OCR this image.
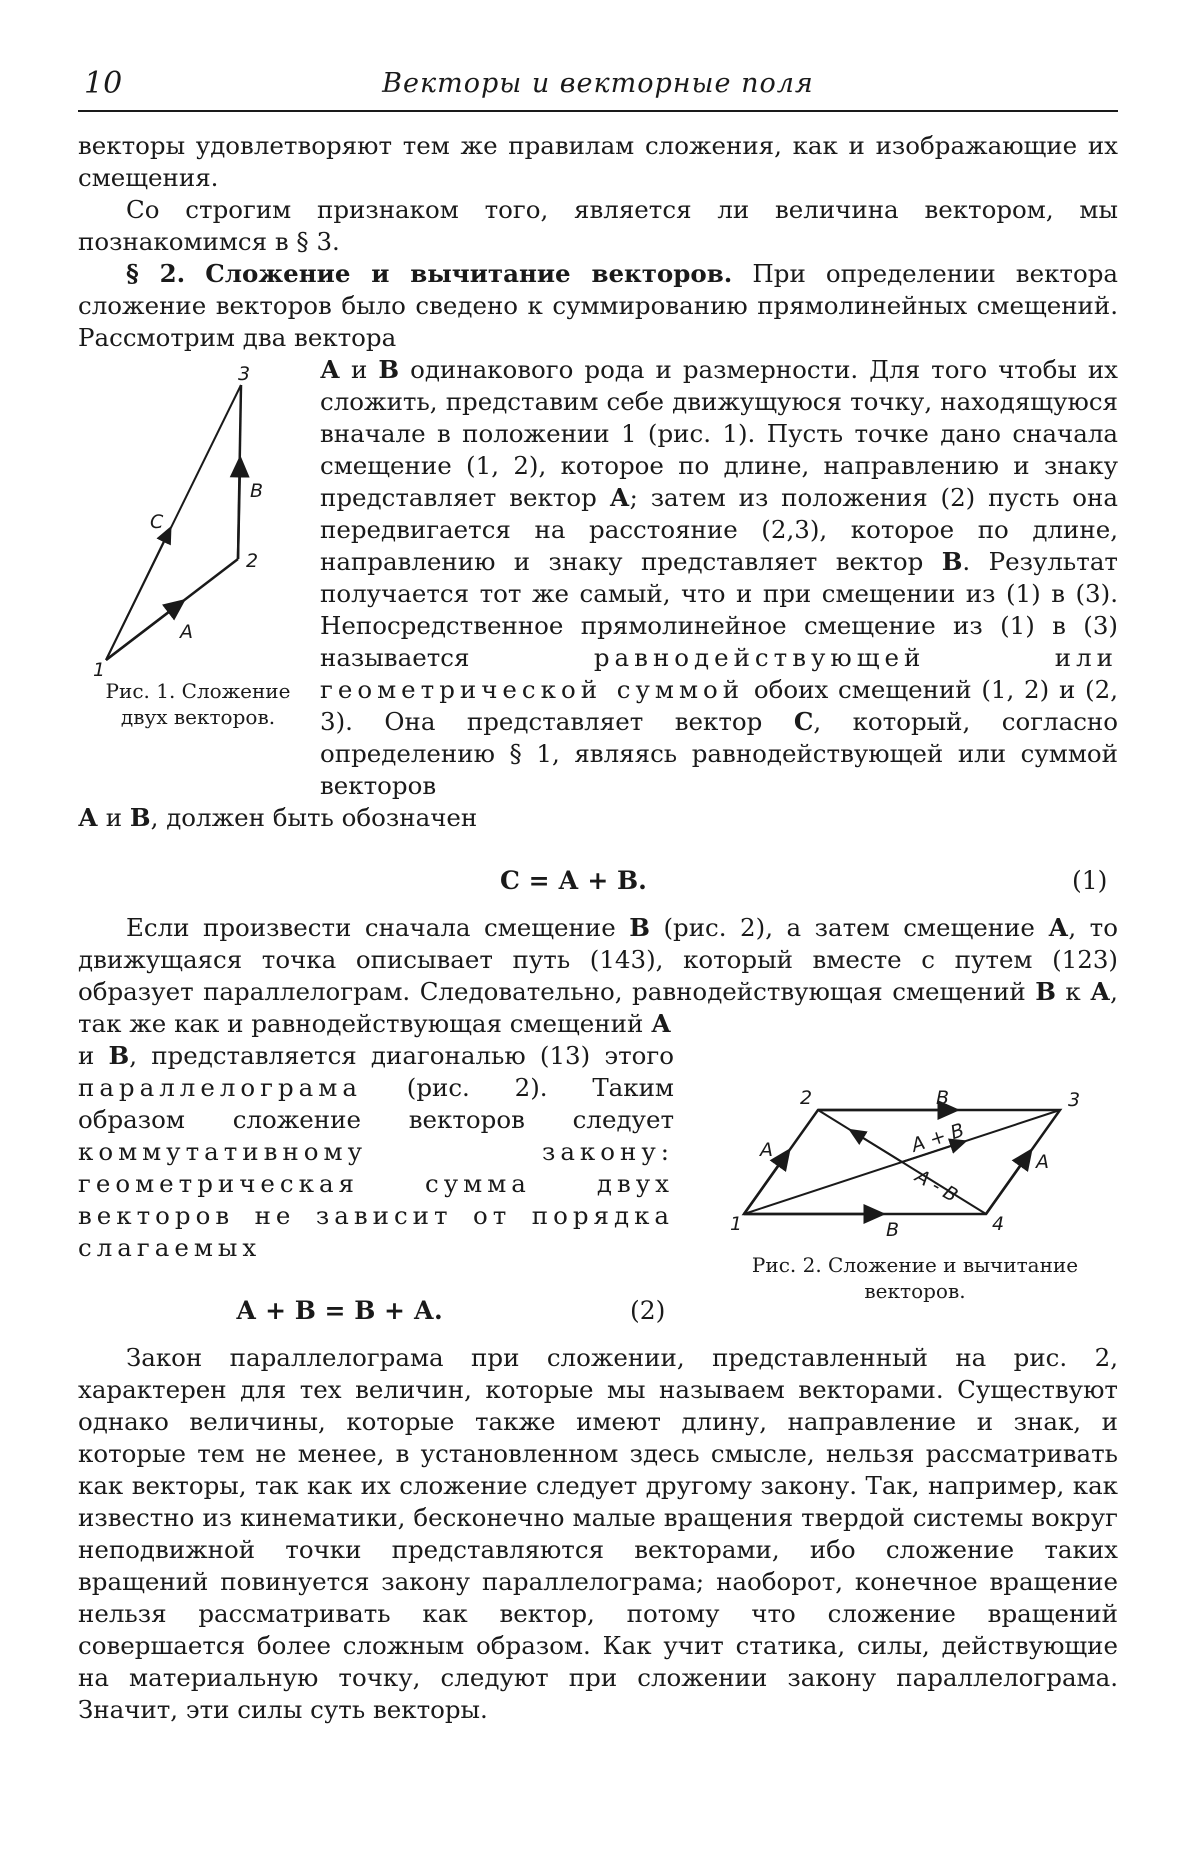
10	Векторы и векторные поля

векторы удовлетворяют тем же правилам сложения, как и изображающие их смещения.

Со строгим признаком того, является ли величина вектором, мы познакомимся в § 3.

§ 2. Сложение и вычитание векторов. При определении вектора сложение векторов было сведено к суммированию прямолинейных смещений. Рассмотрим два вектора

1
2
3
A
B
C
Рис. 1. Сложение
двух векторов.

А и В одинакового рода и размерности. Для того чтобы их сложить, представим себе движущуюся точку, находящуюся вначале в положении 1 (рис. 1). Пусть точке дано сначала смещение (1, 2), которое по длине, направлению и знаку представляет вектор А; затем из положения (2) пусть она передвигается на расстояние (2,3), которое по длине, направлению и знаку представляет вектор В. Результат получается тот же самый, что и при смещении из (1) в (3). Непосредственное прямолинейное смещение из (1) в (3) называется	равнодействующей или геометрической суммой обоих смещений (1, 2) и (2, 3). Она представляет вектор С, который, согласно определению § 1, являясь равнодействующей или суммой векторов

А и В, должен быть обозначен

С = А + В.	(1)

Если произвести сначала смещение В (рис. 2), а затем смещение А, то движущаяся точка описывает путь (143), который вместе с путем (123) образует параллелограм. Следовательно, равнодействующая смещений В к А, так же как и равнодействующая смещений А

и В, представляется диагональю (13) этого параллелограма (рис. 2). Таким образом сложение векторов следует коммутативному закону: геометрическая сумма двух векторов не зависит от порядка слагаемых

А + В = В + А.	(2)
1
2	3
4
A
A
B
B
A + B
A - B
Рис. 2. Сложение и вычитание
векторов.

Закон параллелограма при сложении, представленный на рис. 2, характерен для тех величин, которые мы называем векторами. Существуют однако величины, которые также имеют длину, направление и знак, и которые тем не менее, в установленном здесь смысле, нельзя рассматривать как векторы, так как их сложение следует другому закону. Так, например, как известно из кинематики, бесконечно малые вращения твердой системы вокруг неподвижной точки представляются векторами, ибо сложение таких вращений повинуется закону параллелограма; наоборот, конечное вращение нельзя рассматривать как вектор, потому что сложение вращений совершается более сложным образом. Как учит статика, силы, действующие на материальную точку, следуют при сложении закону параллелограма. Значит, эти силы суть векторы.
